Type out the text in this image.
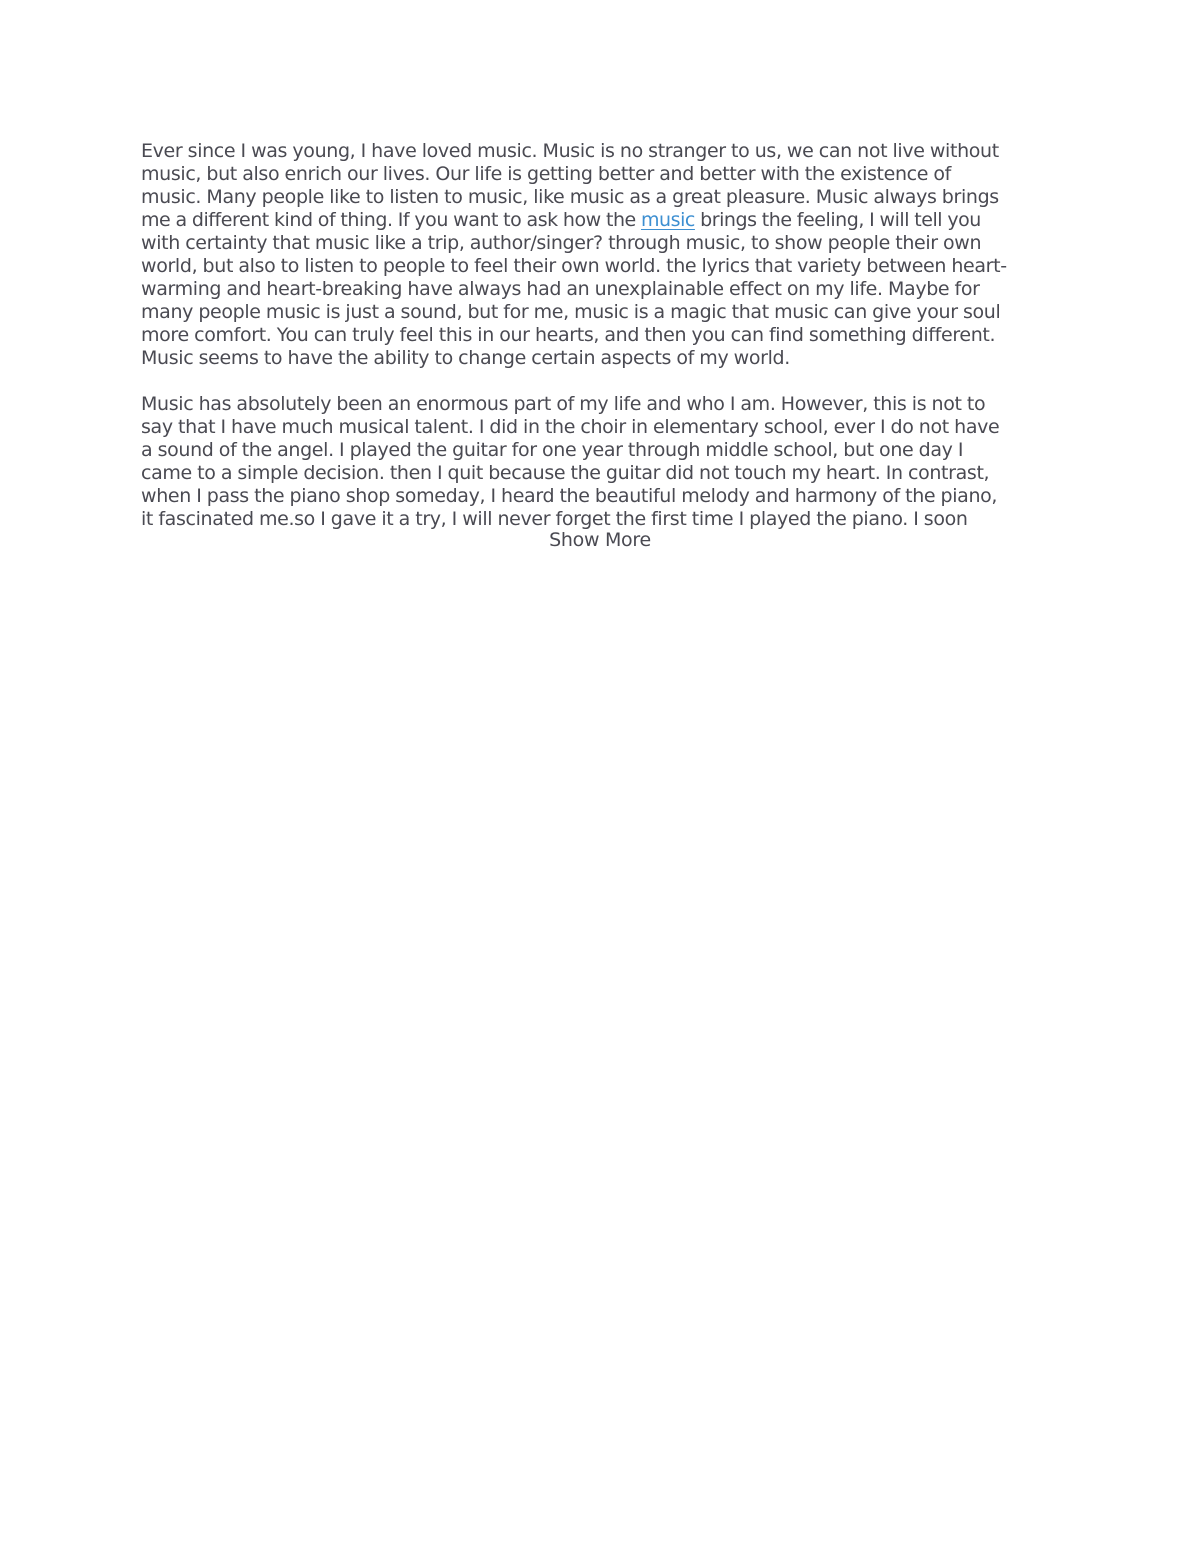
Ever since I was young, I have loved music. Music is no stranger to us, we can not live without
music, but also enrich our lives. Our life is getting better and better with the existence of
music. Many people like to listen to music, like music as a great pleasure. Music always brings
me a different kind of thing. If you want to ask how the music brings the feeling, I will tell you
with certainty that music like a trip, author/singer? through music, to show people their own
world, but also to listen to people to feel their own world. the lyrics that variety between heart-
warming and heart-breaking have always had an unexplainable effect on my life. Maybe for
many people music is just a sound, but for me, music is a magic that music can give your soul
more comfort. You can truly feel this in our hearts, and then you can find something different.
Music seems to have the ability to change certain aspects of my world.
Music has absolutely been an enormous part of my life and who I am. However, this is not to
say that I have much musical talent. I did in the choir in elementary school, ever I do not have
a sound of the angel. I played the guitar for one year through middle school, but one day I
came to a simple decision. then I quit because the guitar did not touch my heart. In contrast,
when I pass the piano shop someday, I heard the beautiful melody and harmony of the piano,
it fascinated me.so I gave it a try, I will never forget the first time I played the piano. I soon
Show More
